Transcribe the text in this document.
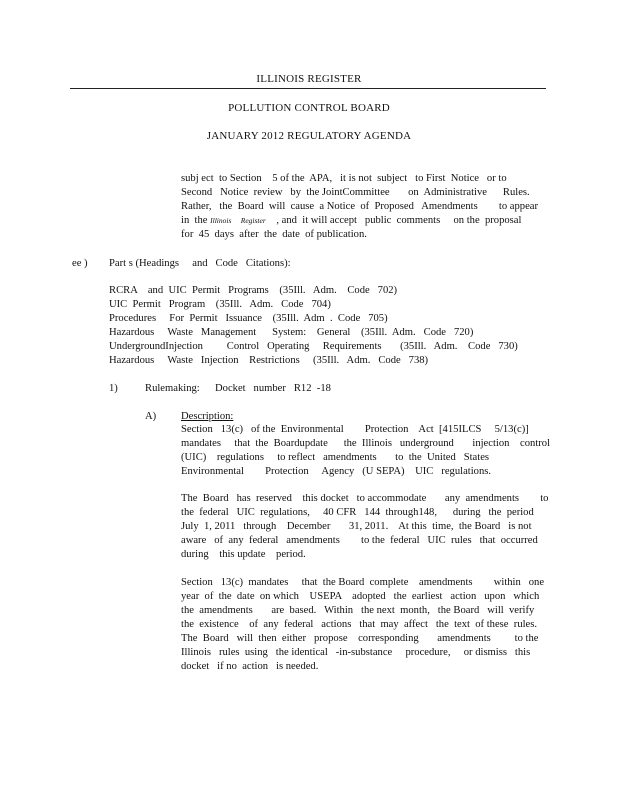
ILLINOIS REGISTER
POLLUTION CONTROL BOARD
JANUARY 2012 REGULATORY AGENDA
subj ect  to Section    5 of the  APA,   it is not  subject   to First  Notice   or to
Second   Notice  review   by  the JointCommittee       on  Administrative      Rules.
Rather,   the  Board  will  cause  a Notice  of  Proposed   Amendments        to appear
in  the Illinois     Register    , and  it will accept   public  comments     on the  proposal
for  45  days  after  the  date  of publication.
ee ) Part s (Headings     and   Code   Citations):
RCRA    and  UIC  Permit   Programs    (35Ill.   Adm.    Code   702)
UIC  Permit   Program    (35Ill.   Adm.   Code   704)
Procedures     For  Permit   Issuance    (35Ill.  Adm  .  Code   705)
Hazardous     Waste   Management      System:    General    (35Ill.  Adm.   Code   720)
UndergroundInjection         Control   Operating     Requirements       (35Ill.   Adm.    Code   730)
Hazardous     Waste   Injection    Restrictions     (35Ill.   Adm.   Code   738)
1)	Rulemaking: Docket   number   R12  -18
A) Description:
Section   13(c)   of the  Environmental        Protection    Act  [415ILCS     5/13(c)]
mandates     that  the  Boardupdate      the  Illinois   underground       injection    control
(UIC)    regulations     to reflect   amendments       to  the  United   States
Environmental        Protection     Agency   (U SEPA)    UIC   regulations.
The  Board   has  reserved    this docket   to accommodate       any  amendments        to
the  federal   UIC  regulations,     40 CFR   144  through148,      during   the  period
July  1, 2011   through    December       31, 2011.    At this  time,  the Board   is not
aware   of  any  federal   amendments        to the  federal   UIC  rules   that  occurred
during    this update    period.
Section   13(c)  mandates     that  the Board  complete    amendments        within   one
year  of  the  date  on which    USEPA    adopted   the  earliest   action   upon   which
the  amendments       are  based.   Within   the next  month,   the Board   will  verify
the  existence    of  any  federal   actions   that  may  affect   the  text  of these  rules.
The  Board   will  then  either   propose    corresponding       amendments         to the
Illinois   rules  using   the identical   -in-substance     procedure,     or dismiss   this
docket   if no  action   is needed.
